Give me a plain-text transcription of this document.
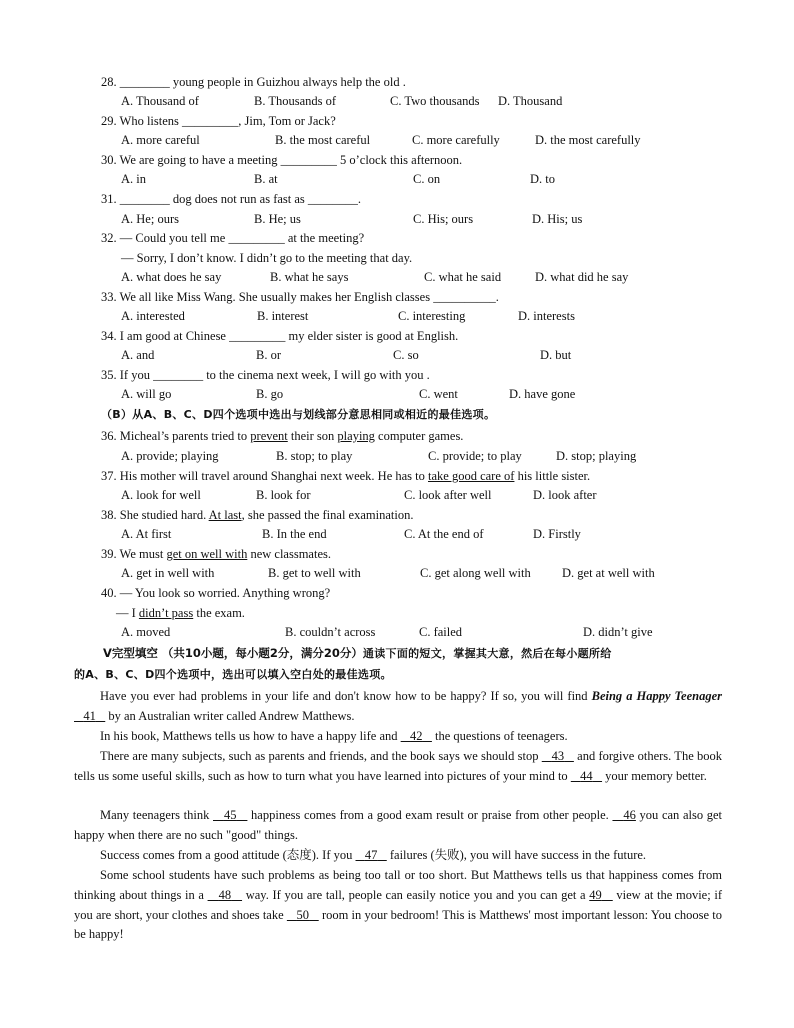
28. ________ young people in Guizhou always help the old .
A. Thousand of	B. Thousands of	C. Two thousands D. Thousand
29. Who listens _________, Jim, Tom or Jack?
A. more careful	B. the most careful	C. more carefully	D. the most carefully
30. We are going to have a meeting _________ 5 o’clock this afternoon.
A. in	B. at	C. on	D. to
31. ________ dog does not run as fast as ________.
A. He; ours	B. He; us	C. His; ours	D. His; us
32. — Could you tell me _________ at the meeting?
— Sorry, I don’t know. I didn’t go to the meeting that day.
A. what does he say	B. what he says	C. what he said	D. what did he say
33. We all like Miss Wang. She usually makes her English classes __________.
A. interested	B. interest	C. interesting	D. interests
34. I am good at Chinese _________ my elder sister is good at English.
A. and	B. or	C. so	D. but
35. If you ________ to the cinema next week, I will go with you .
A. will go	B. go	C. went	D. have gone
（B）从A、B、C、D四个选项中选出与划线部分意思相同或相近的最佳选项。
36. Micheal’s parents tried to prevent their son playing computer games.
A. provide; playing	B. stop; to play	C. provide; to play	D. stop; playing
37. His mother will travel around Shanghai next week. He has to take good care of his little sister.
A. look for well	B. look for	C. look after well	D. look after
38. She studied hard. At last, she passed the final examination.
A. At first	B. In the end	C. At the end of	D. Firstly
39. We must get on well with new classmates.
A. get in well with	B. get to well with	C. get along well with	D. get at well with
40. — You look so worried. Anything wrong?
— I didn’t pass the exam.
A. moved	B. couldn’t across	C. failed	D. didn’t give
Ⅴ完型填空 （共10小题，每小题2分，满分20分）通读下面的短文，掌握其大意，然后在每小题所给
的A、B、C、D四个选项中，选出可以填入空白处的最佳选项。
Have you ever had problems in your life and don't know how to be happy? If so, you will find Being a Happy Teenager    41    by an Australian writer called Andrew Matthews.
In his book, Matthews tells us how to have a happy life and    42    the questions of teenagers.
There are many subjects, such as parents and friends, and the book says we should stop    43    and forgive others. The book tells us some useful skills, such as how to turn what you have learned into pictures of your mind to    44    your memory better.
Many teenagers think    45    happiness comes from a good exam result or praise from other people.    46 you can also get happy when there are no such "good" things.
Success comes from a good attitude (态度). If you    47    failures (失败), you will have success in the future.
Some school students have such problems as being too tall or too short. But Matthews tells us that happiness comes from thinking about things in a    48    way. If you are tall, people can easily notice you and you can get a 49    view at the movie; if you are short, your clothes and shoes take    50    room in your bedroom! This is Matthews' most important lesson: You choose to be happy!
